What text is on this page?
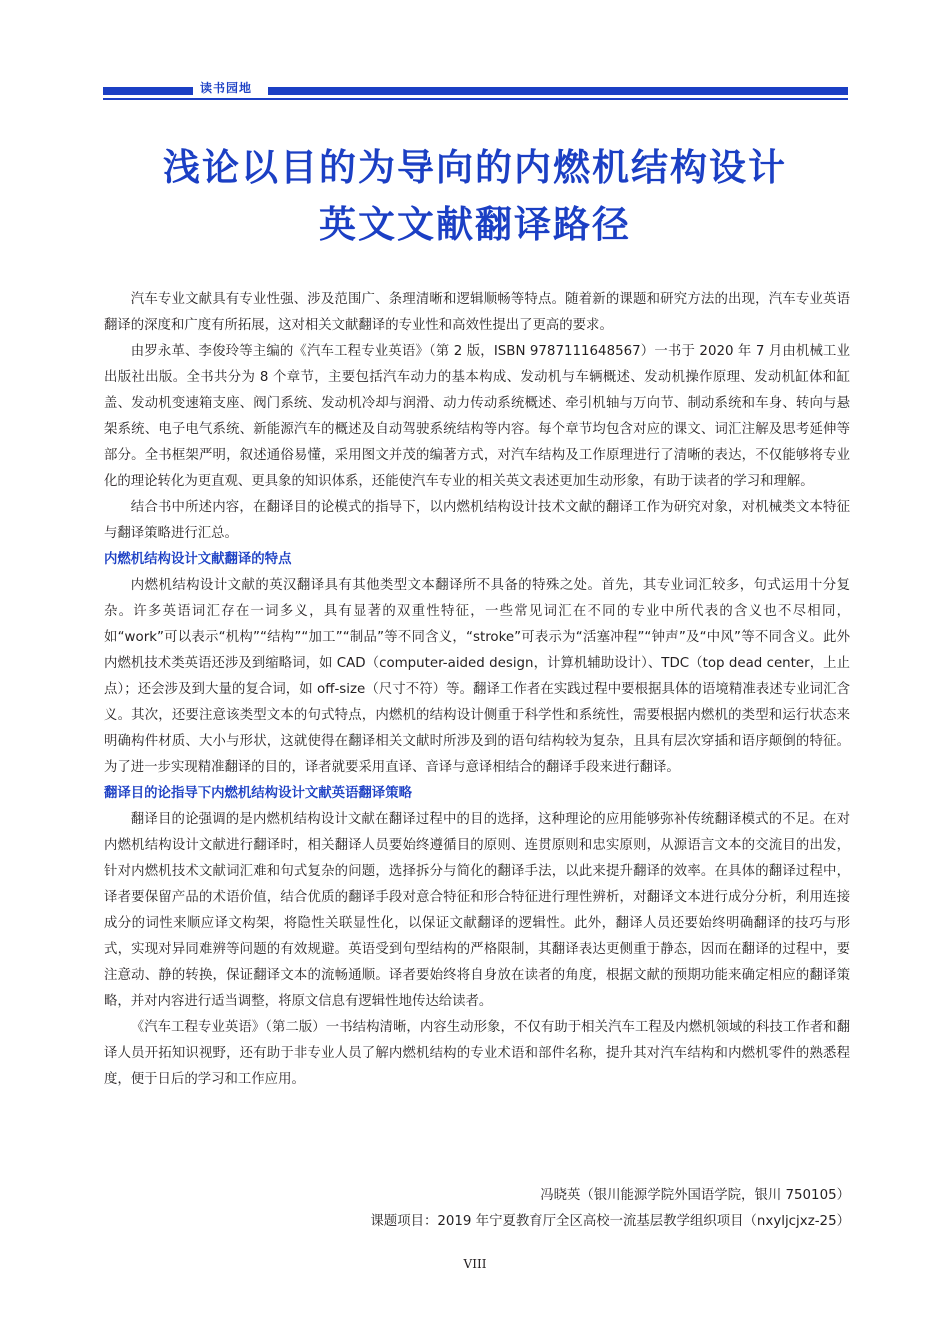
读书园地
浅论以目的为导向的内燃机结构设计
英文文献翻译路径

汽车专业文献具有专业性强、涉及范围广、条理清晰和逻辑顺畅等特点。随着新的课题和研究方法的出现，汽车专业英语翻译的深度和广度有所拓展，这对相关文献翻译的专业性和高效性提出了更高的要求。

由罗永革、李俊玲等主编的《汽车工程专业英语》（第 2 版，ISBN 9787111648567）一书于 2020 年 7 月由机械工业出版社出版。全书共分为 8 个章节，主要包括汽车动力的基本构成、发动机与车辆概述、发动机操作原理、发动机缸体和缸盖、发动机变速箱支座、阀门系统、发动机冷却与润滑、动力传动系统概述、牵引机轴与万向节、制动系统和车身、转向与悬架系统、电子电气系统、新能源汽车的概述及自动驾驶系统结构等内容。每个章节均包含对应的课文、词汇注解及思考延伸等部分。全书框架严明，叙述通俗易懂，采用图文并茂的编著方式，对汽车结构及工作原理进行了清晰的表达，不仅能够将专业化的理论转化为更直观、更具象的知识体系，还能使汽车专业的相关英文表述更加生动形象，有助于读者的学习和理解。

结合书中所述内容，在翻译目的论模式的指导下，以内燃机结构设计技术文献的翻译工作为研究对象，对机械类文本特征与翻译策略进行汇总。

内燃机结构设计文献翻译的特点

内燃机结构设计文献的英汉翻译具有其他类型文本翻译所不具备的特殊之处。首先，其专业词汇较多，句式运用十分复杂。许多英语词汇存在一词多义，具有显著的双重性特征，一些常见词汇在不同的专业中所代表的含义也不尽相同，如“work”可以表示“机构”“结构”“加工”“制品”等不同含义，“stroke”可表示为“活塞冲程”“钟声”及“中风”等不同含义。此外内燃机技术类英语还涉及到缩略词，如 CAD（computer-aided design，计算机辅助设计）、TDC（top dead center，上止点）；还会涉及到大量的复合词，如 off-size（尺寸不符）等。翻译工作者在实践过程中要根据具体的语境精准表述专业词汇含义。其次，还要注意该类型文本的句式特点，内燃机的结构设计侧重于科学性和系统性，需要根据内燃机的类型和运行状态来明确构件材质、大小与形状，这就使得在翻译相关文献时所涉及到的语句结构较为复杂，且具有层次穿插和语序颠倒的特征。为了进一步实现精准翻译的目的，译者就要采用直译、音译与意译相结合的翻译手段来进行翻译。

翻译目的论指导下内燃机结构设计文献英语翻译策略

翻译目的论强调的是内燃机结构设计文献在翻译过程中的目的选择，这种理论的应用能够弥补传统翻译模式的不足。在对内燃机结构设计文献进行翻译时，相关翻译人员要始终遵循目的原则、连贯原则和忠实原则，从源语言文本的交流目的出发，针对内燃机技术文献词汇难和句式复杂的问题，选择拆分与简化的翻译手法，以此来提升翻译的效率。在具体的翻译过程中，译者要保留产品的术语价值，结合优质的翻译手段对意合特征和形合特征进行理性辨析，对翻译文本进行成分分析，利用连接成分的词性来顺应译文构架，将隐性关联显性化，以保证文献翻译的逻辑性。此外，翻译人员还要始终明确翻译的技巧与形式，实现对异同难辨等问题的有效规避。英语受到句型结构的严格限制，其翻译表达更侧重于静态，因而在翻译的过程中，要注意动、静的转换，保证翻译文本的流畅通顺。译者要始终将自身放在读者的角度，根据文献的预期功能来确定相应的翻译策略，并对内容进行适当调整，将原文信息有逻辑性地传达给读者。

《汽车工程专业英语》（第二版）一书结构清晰，内容生动形象，不仅有助于相关汽车工程及内燃机领域的科技工作者和翻译人员开拓知识视野，还有助于非专业人员了解内燃机结构的专业术语和部件名称，提升其对汽车结构和内燃机零件的熟悉程度，便于日后的学习和工作应用。

冯晓英（银川能源学院外国语学院，银川 750105）
课题项目：2019 年宁夏教育厅全区高校一流基层教学组织项目（nxyljcjxz-25）
VIII
